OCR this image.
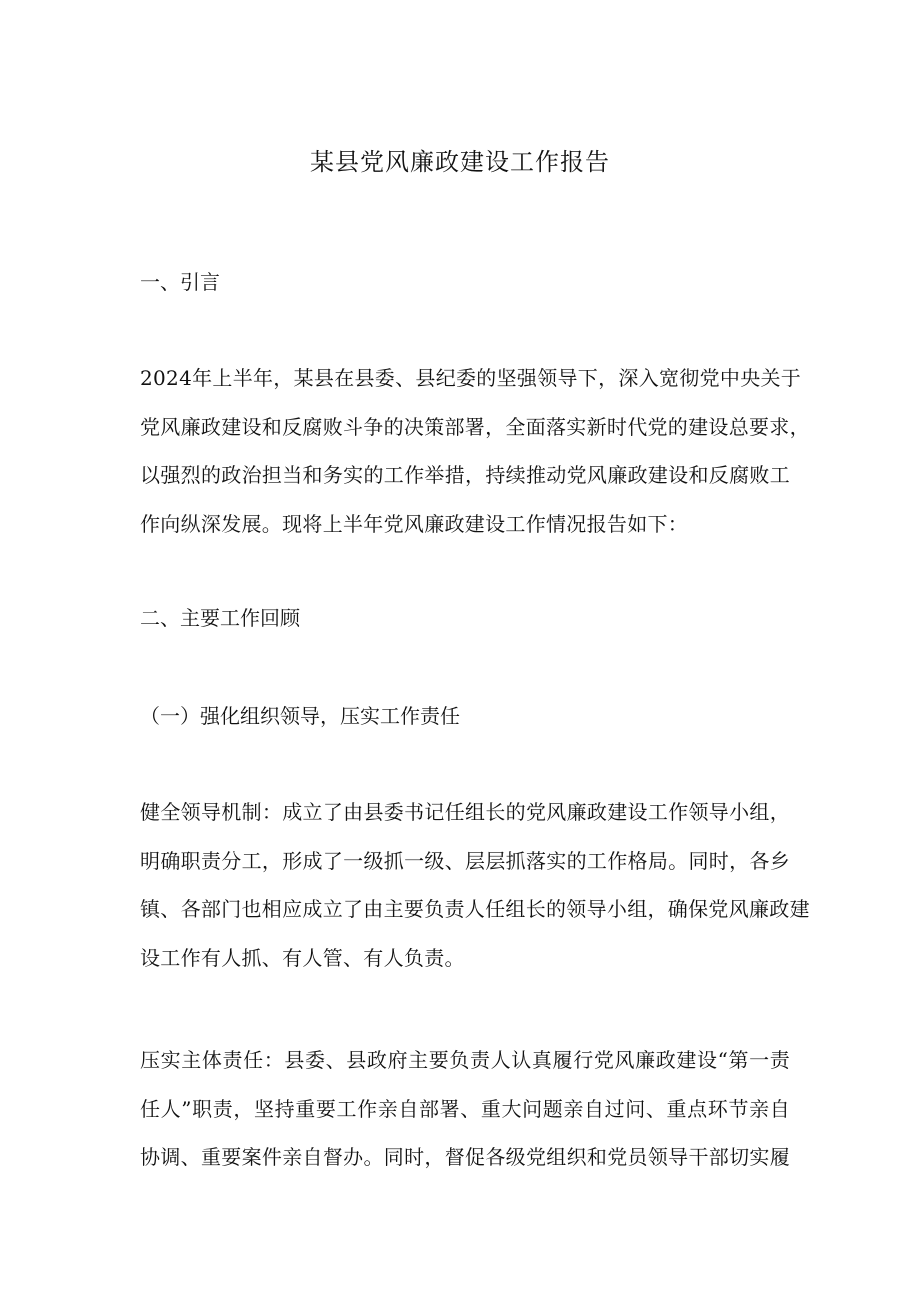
某县党风廉政建设工作报告
一、引言
2024年上半年，某县在县委、县纪委的坚强领导下，深入宽彻党中央关于
党风廉政建设和反腐败斗争的决策部署，全面落实新时代党的建设总要求，
以强烈的政治担当和务实的工作举措，持续推动党风廉政建设和反腐败工
作向纵深发展。现将上半年党风廉政建设工作情况报告如下：
二、主要工作回顾
（一）强化组织领导，压实工作责任
健全领导机制：成立了由县委书记任组长的党风廉政建设工作领导小组，
明确职责分工，形成了一级抓一级、层层抓落实的工作格局。同时，各乡
镇、各部门也相应成立了由主要负责人任组长的领导小组，确保党风廉政建
设工作有人抓、有人管、有人负责。
压实主体责任：县委、县政府主要负责人认真履行党风廉政建设“第一责
任人”职责，坚持重要工作亲自部署、重大问题亲自过问、重点环节亲自
协调、重要案件亲自督办。同时，督促各级党组织和党员领导干部切实履
